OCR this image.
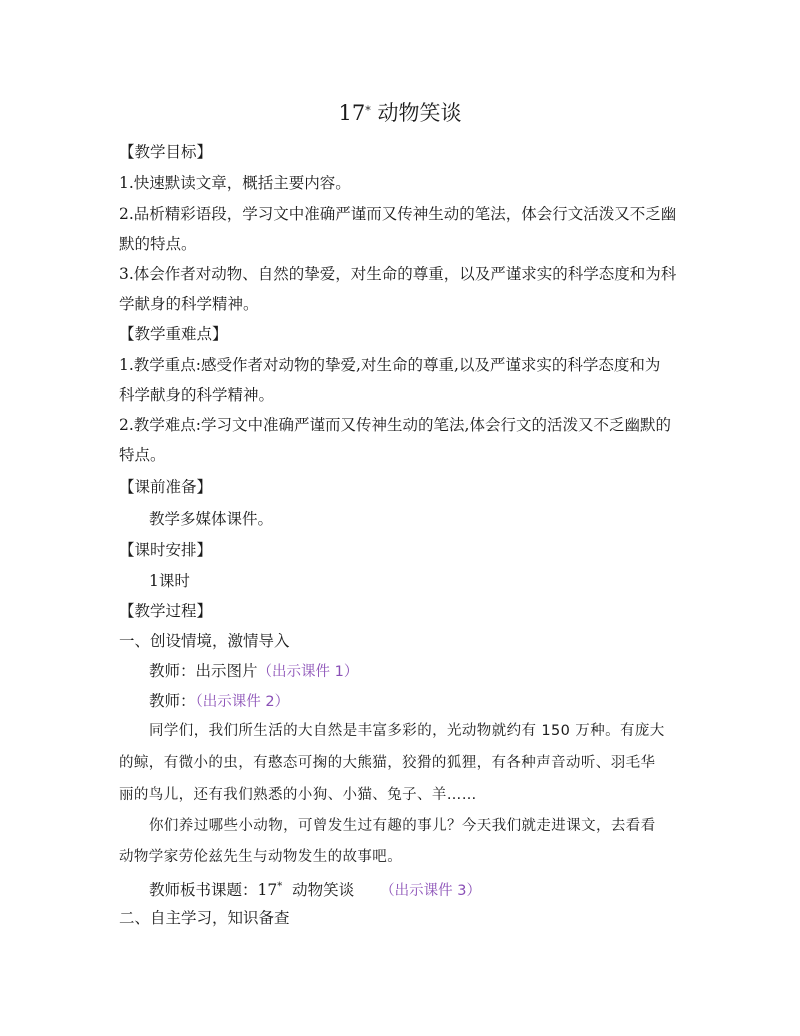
17* 动物笑谈
【教学目标】
1.快速默读文章，概括主要内容。
2.品析精彩语段，学习文中准确严谨而又传神生动的笔法，体会行文活泼又不乏幽
默的特点。
3.体会作者对动物、自然的挚爱，对生命的尊重，以及严谨求实的科学态度和为科
学献身的科学精神。
【教学重难点】
1.教学重点:感受作者对动物的挚爱,对生命的尊重,以及严谨求实的科学态度和为
科学献身的科学精神。
2.教学难点:学习文中准确严谨而又传神生动的笔法,体会行文的活泼又不乏幽默的
特点。
【课前准备】
教学多媒体课件。
【课时安排】
1课时
【教学过程】
一、创设情境，激情导入
教师：出示图片（出示课件 1）
教师：（出示课件 2）
同学们，我们所生活的大自然是丰富多彩的，光动物就约有 150 万种。有庞大
的鲸，有微小的虫，有憨态可掬的大熊猫，狡猾的狐狸，有各种声音动听、羽毛华
丽的鸟儿，还有我们熟悉的小狗、小猫、兔子、羊……
你们养过哪些小动物，可曾发生过有趣的事儿？今天我们就走进课文，去看看
动物学家劳伦兹先生与动物发生的故事吧。
教师板书课题：17* 动物笑谈 （出示课件 3）
二、自主学习，知识备查
